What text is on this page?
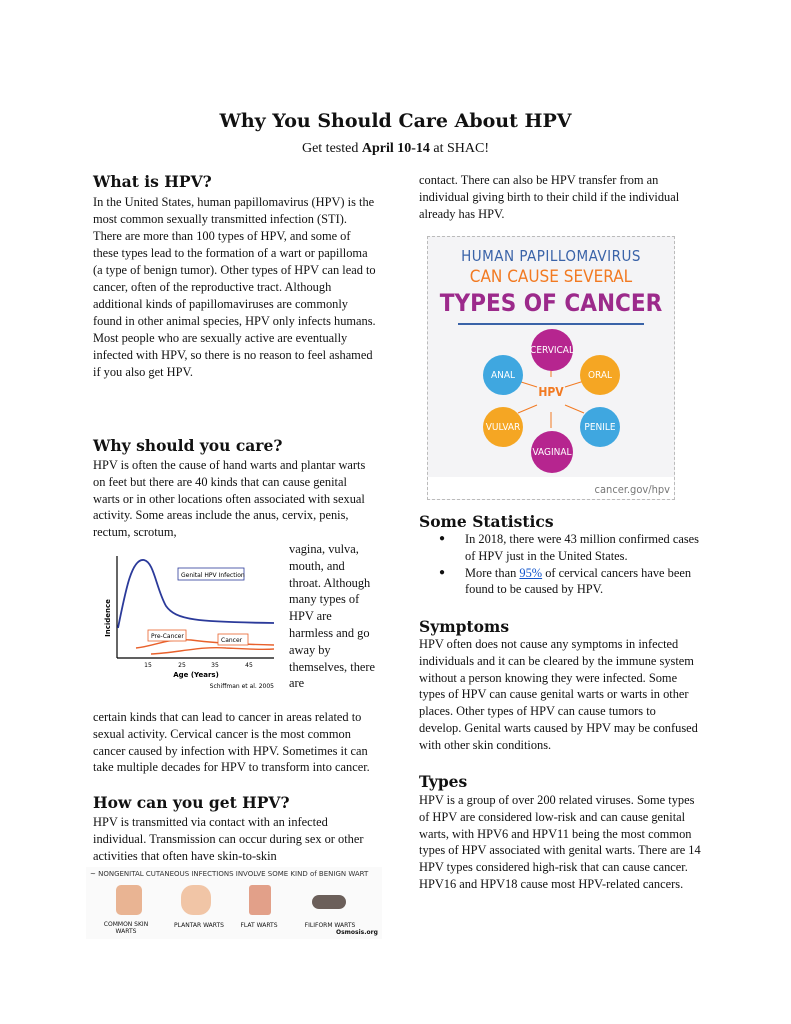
Why You Should Care About HPV
Get tested April 10-14 at SHAC!
What is HPV?
In the United States, human papillomavirus (HPV) is the most common sexually transmitted infection (STI). There are more than 100 types of HPV, and some of these types lead to the formation of a wart or papilloma (a type of benign tumor). Other types of HPV can lead to cancer, often of the reproductive tract. Although additional kinds of papillomaviruses are commonly found in other animal species, HPV only infects humans. Most people who are sexually active are eventually infected with HPV, so there is no reason to feel ashamed if you also get HPV.
Why should you care?
HPV is often the cause of hand warts and plantar warts on feet but there are 40 kinds that can cause genital warts or in other locations often associated with sexual activity. Some areas include the anus, cervix, penis, rectum, scrotum,
Incidence
Genital HPV Infection
Pre-Cancer
Cancer
15	25	35	45
Age (Years)
Schiffman et al. 2005
vagina, vulva, mouth, and throat. Although many types of HPV are harmless and go away by themselves, there are
certain kinds that can lead to cancer in areas related to sexual activity. Cervical cancer is the most common cancer caused by infection with HPV. Sometimes it can take multiple decades for HPV to transform into cancer.
How can you get HPV?
HPV is transmitted via contact with an infected individual. Transmission can occur during sex or other activities that often have skin-to-skin
~ NONGENITAL CUTANEOUS INFECTIONS INVOLVE SOME KIND of BENIGN WART
COMMON SKIN WARTS
PLANTAR WARTS	FLAT WARTS	FILIFORM WARTS
Osmosis.org
contact. There can also be HPV transfer from an individual giving birth to their child if the individual already has HPV.
HUMAN PAPILLOMAVIRUS
CAN CAUSE SEVERAL
TYPES OF CANCER
HPV
CERVICAL
ORAL
PENILE
VAGINAL
VULVAR
ANAL
cancer.gov/hpv
Some Statistics
● In 2018, there were 43 million confirmed cases of HPV just in the United States.
● More than 95% of cervical cancers have been found to be caused by HPV.
Symptoms
HPV often does not cause any symptoms in infected individuals and it can be cleared by the immune system without a person knowing they were infected. Some types of HPV can cause genital warts or warts in other places. Other types of HPV can cause tumors to develop. Genital warts caused by HPV may be confused with other skin conditions.
Types
HPV is a group of over 200 related viruses. Some types of HPV are considered low-risk and can cause genital warts, with HPV6 and HPV11 being the most common types of HPV associated with genital warts. There are 14 HPV types considered high-risk that can cause cancer. HPV16 and HPV18 cause most HPV-related cancers.
